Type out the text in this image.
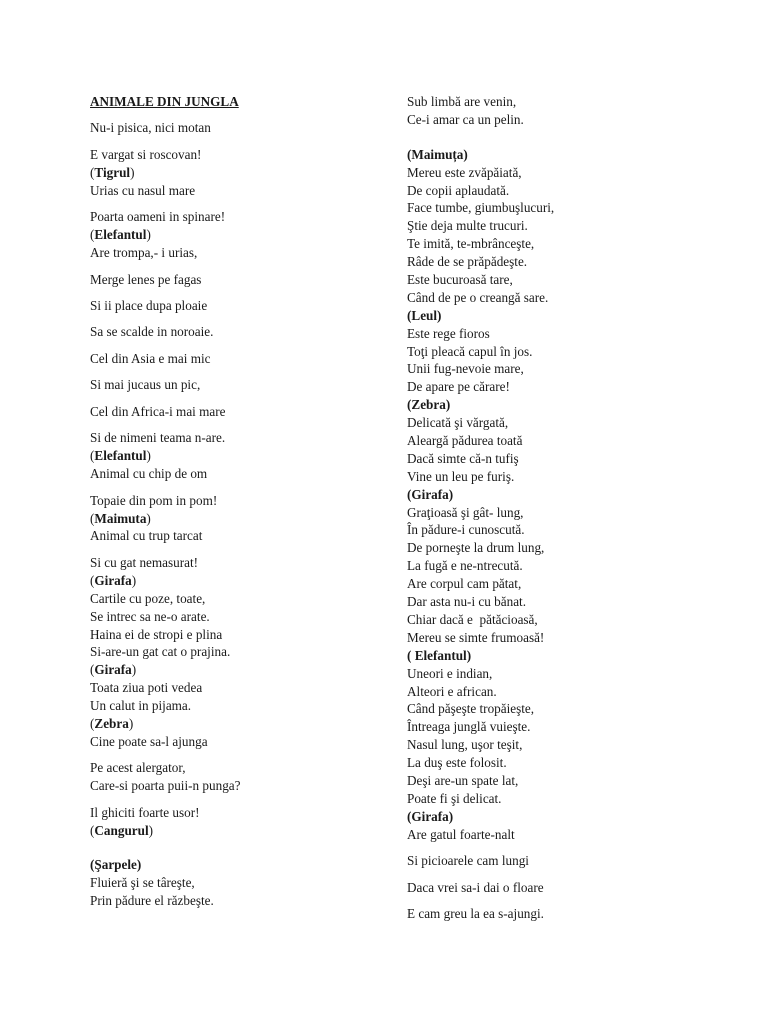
ANIMALE DIN JUNGLA
Nu-i pisica, nici motan
E vargat si roscovan!
(Tigrul)
Urias cu nasul mare
Poarta oameni in spinare!
(Elefantul)
Are trompa,- i urias,
Merge lenes pe fagas
Si ii place dupa ploaie
Sa se scalde in noroaie.
Cel din Asia e mai mic
Si mai jucaus un pic,
Cel din Africa-i mai mare
Si de nimeni teama n-are.
(Elefantul)
Animal cu chip de om
Topaie din pom in pom!
(Maimuta)
Animal cu trup tarcat
Si cu gat nemasurat!
(Girafa)
Cartile cu poze, toate,
Se intrec sa ne-o arate.
Haina ei de stropi e plina
Si-are-un gat cat o prajina.
(Girafa)
Toata ziua poti vedea
Un calut in pijama.
(Zebra)
Cine poate sa-l ajunga
Pe acest alergator,
Care-si poarta puii-n punga?
Il ghiciti foarte usor!
(Cangurul)
(Şarpele)
Fluieră şi se târeşte,
Prin pădure el răzbeşte.
Sub limbă are venin,
Ce-i amar ca un pelin.
(Maimuța)
Mereu este zvăpăiată,
De copii aplaudată.
Face tumbe, giumbuşlucuri,
Ştie deja multe trucuri.
Te imită, te-mbrânceşte,
Râde de se prăpădeşte.
Este bucuroasă tare,
Când de pe o creangă sare.
(Leul)
Este rege fioros
Toţi pleacă capul în jos.
Unii fug-nevoie mare,
De apare pe cărare!
(Zebra)
Delicată şi vărgată,
Aleargă pădurea toată
Dacă simte că-n tufiş
Vine un leu pe furiş.
(Girafa)
Graţioasă şi gât- lung,
În pădure-i cunoscută.
De porneşte la drum lung,
La fugă e ne-ntrecută.
Are corpul cam pătat,
Dar asta nu-i cu bănat.
Chiar dacă e  pătăcioasă,
Mereu se simte frumoasă!
( Elefantul)
Uneori e indian,
Alteori e african.
Când păşeşte tropăieşte,
Întreaga junglă vuieşte.
Nasul lung, uşor teşit,
La duş este folosit.
Deşi are-un spate lat,
Poate fi şi delicat.
(Girafa)
Are gatul foarte-nalt
Si picioarele cam lungi
Daca vrei sa-i dai o floare
E cam greu la ea s-ajungi.
